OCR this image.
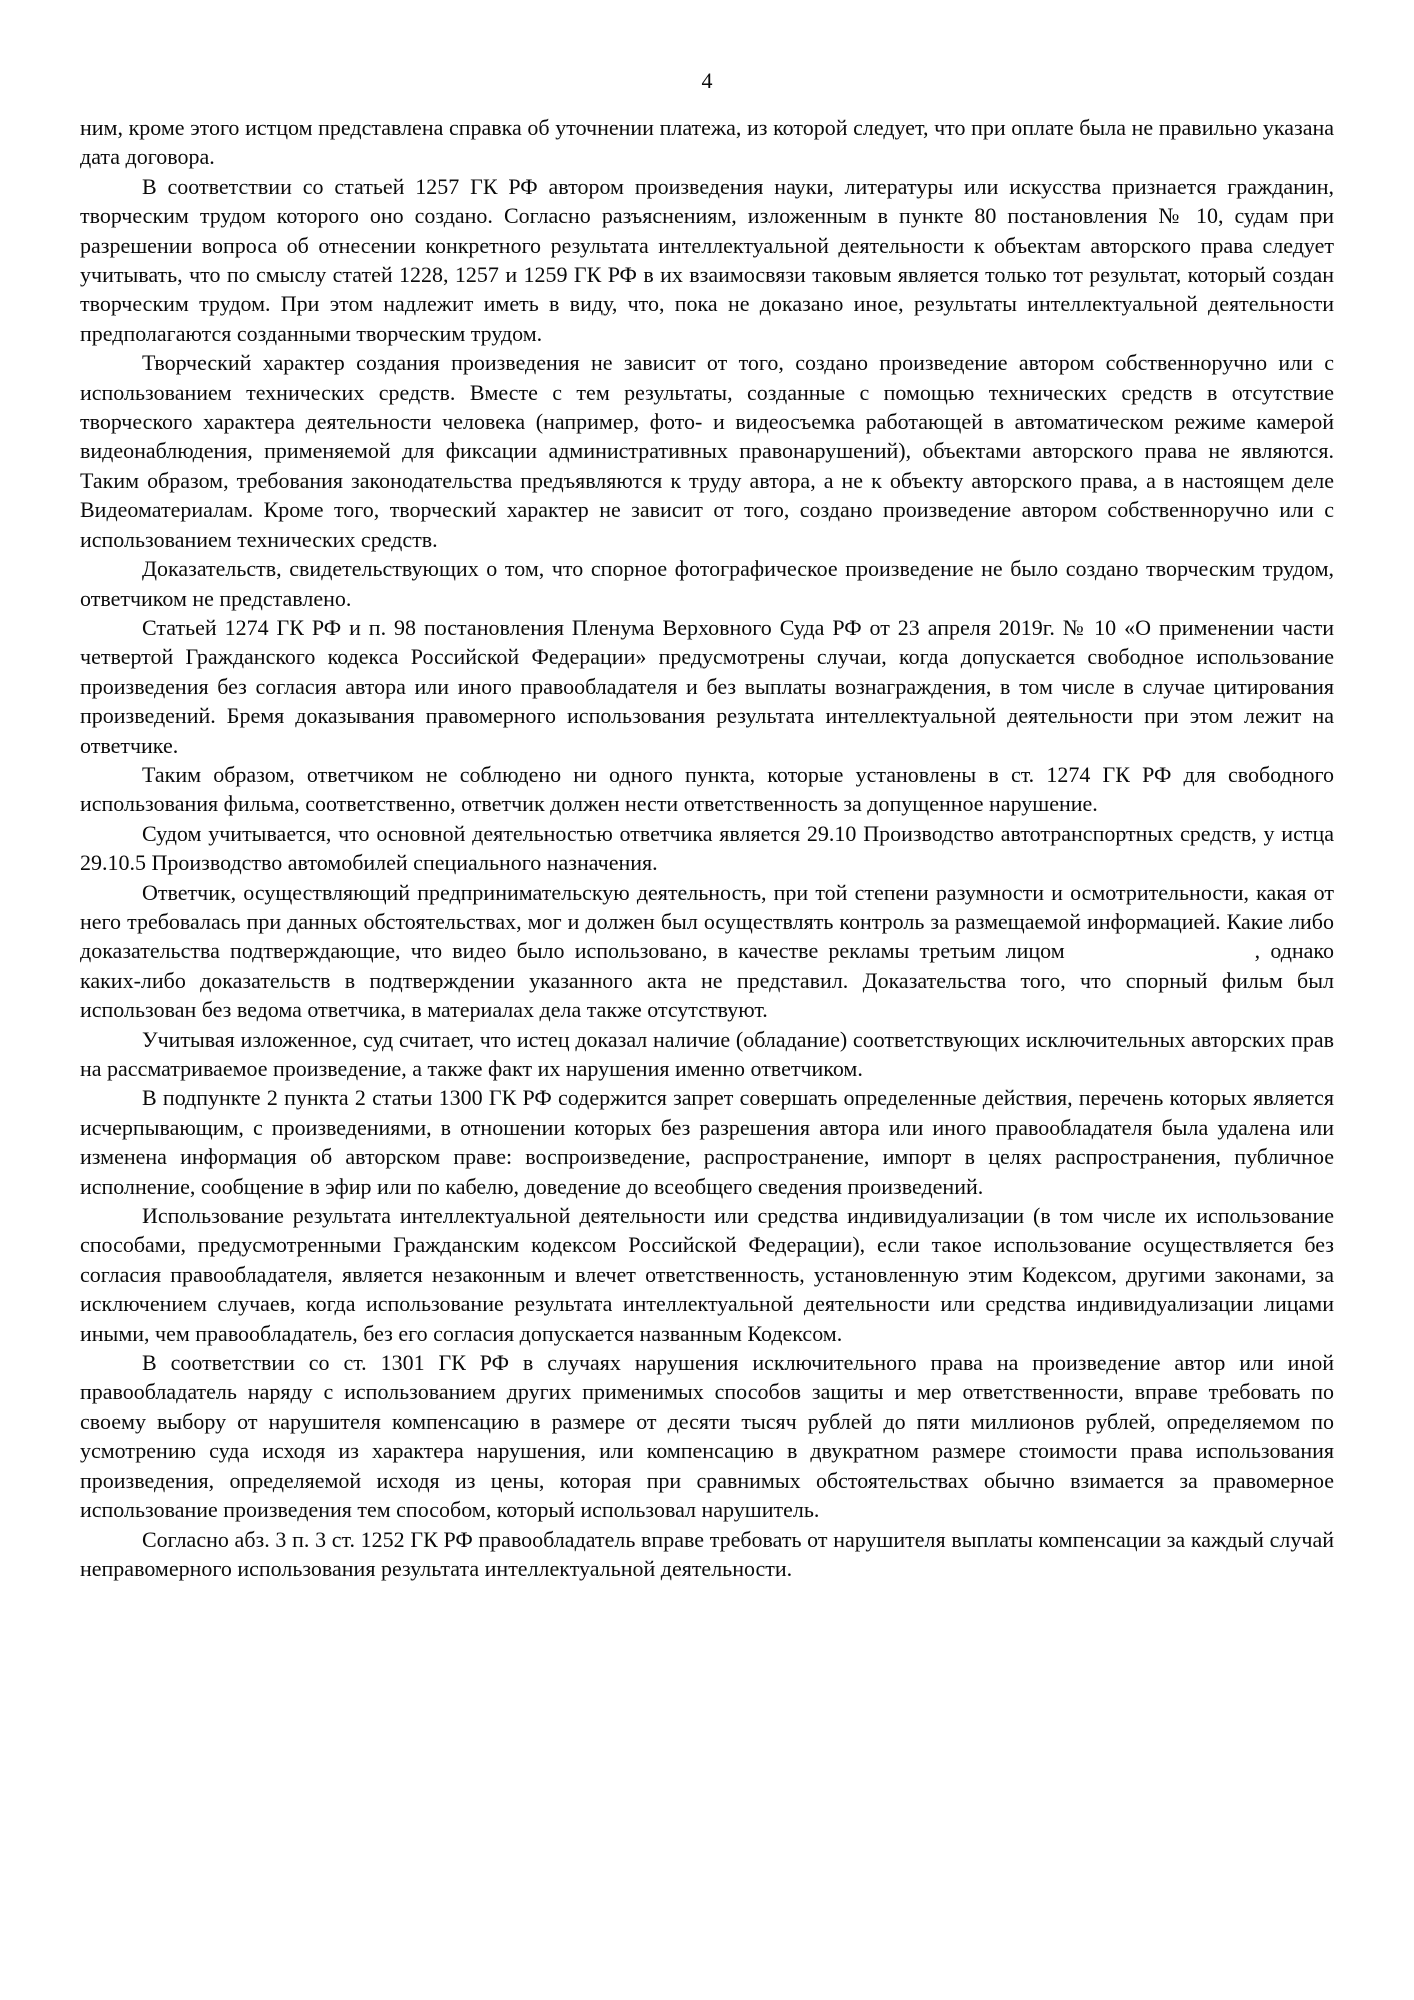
4

ним, кроме этого истцом представлена справка об уточнении платежа, из которой следует, что при оплате была не правильно указана дата договора.

В соответствии со статьей 1257 ГК РФ автором произведения науки, литературы или искусства признается гражданин, творческим трудом которого оно создано. Согласно разъяснениям, изложенным в пункте 80 постановления № 10, судам при разрешении вопроса об отнесении конкретного результата интеллектуальной деятельности к объектам авторского права следует учитывать, что по смыслу статей 1228, 1257 и 1259 ГК РФ в их взаимосвязи таковым является только тот результат, который создан творческим трудом. При этом надлежит иметь в виду, что, пока не доказано иное, результаты интеллектуальной деятельности предполагаются созданными творческим трудом.

Творческий характер создания произведения не зависит от того, создано произведение автором собственноручно или с использованием технических средств. Вместе с тем результаты, созданные с помощью технических средств в отсутствие творческого характера деятельности человека (например, фото- и видеосъемка работающей в автоматическом режиме камерой видеонаблюдения, применяемой для фиксации административных правонарушений), объектами авторского права не являются. Таким образом, требования законодательства предъявляются к труду автора, а не к объекту авторского права, а в настоящем деле Видеоматериалам. Кроме того, творческий характер не зависит от того, создано произведение автором собственноручно или с использованием технических средств.

Доказательств, свидетельствующих о том, что спорное фотографическое произведение не было создано творческим трудом, ответчиком не представлено.

Статьей 1274 ГК РФ и п. 98 постановления Пленума Верховного Суда РФ от 23 апреля 2019г. № 10 «О применении части четвертой Гражданского кодекса Российской Федерации» предусмотрены случаи, когда допускается свободное использование произведения без согласия автора или иного правообладателя и без выплаты вознаграждения, в том числе в случае цитирования произведений. Бремя доказывания правомерного использования результата интеллектуальной деятельности при этом лежит на ответчике.

Таким образом, ответчиком не соблюдено ни одного пункта, которые установлены в ст. 1274 ГК РФ для свободного использования фильма, соответственно, ответчик должен нести ответственность за допущенное нарушение.

Судом учитывается, что основной деятельностью ответчика является 29.10 Производство автотранспортных средств, у истца 29.10.5 Производство автомобилей специального назначения.

Ответчик, осуществляющий предпринимательскую деятельность, при той степени разумности и осмотрительности, какая от него требовалась при данных обстоятельствах, мог и должен был осуществлять контроль за размещаемой информацией. Какие либо доказательства подтверждающие, что видео было использовано, в качестве рекламы третьим лицом	, однако каких-либо доказательств в подтверждении указанного акта не представил. Доказательства того, что спорный фильм был использован без ведома ответчика, в материалах дела также отсутствуют.

Учитывая изложенное, суд считает, что истец доказал наличие (обладание) соответствующих исключительных авторских прав на рассматриваемое произведение, а также факт их нарушения именно ответчиком.

В подпункте 2 пункта 2 статьи 1300 ГК РФ содержится запрет совершать определенные действия, перечень которых является исчерпывающим, с произведениями, в отношении которых без разрешения автора или иного правообладателя была удалена или изменена информация об авторском праве: воспроизведение, распространение, импорт в целях распространения, публичное исполнение, сообщение в эфир или по кабелю, доведение до всеобщего сведения произведений.

Использование результата интеллектуальной деятельности или средства индивидуализации (в том числе их использование способами, предусмотренными Гражданским кодексом Российской Федерации), если такое использование осуществляется без согласия правообладателя, является незаконным и влечет ответственность, установленную этим Кодексом, другими законами, за исключением случаев, когда использование результата интеллектуальной деятельности или средства индивидуализации лицами иными, чем правообладатель, без его согласия допускается названным Кодексом.

В соответствии со ст. 1301 ГК РФ в случаях нарушения исключительного права на произведение автор или иной правообладатель наряду с использованием других применимых способов защиты и мер ответственности, вправе требовать по своему выбору от нарушителя компенсацию в размере от десяти тысяч рублей до пяти миллионов рублей, определяемом по усмотрению суда исходя из характера нарушения, или компенсацию в двукратном размере стоимости права использования произведения, определяемой исходя из цены, которая при сравнимых обстоятельствах обычно взимается за правомерное использование произведения тем способом, который использовал нарушитель.

Согласно абз. 3 п. 3 ст. 1252 ГК РФ правообладатель вправе требовать от нарушителя выплаты компенсации за каждый случай неправомерного использования результата интеллектуальной деятельности.
